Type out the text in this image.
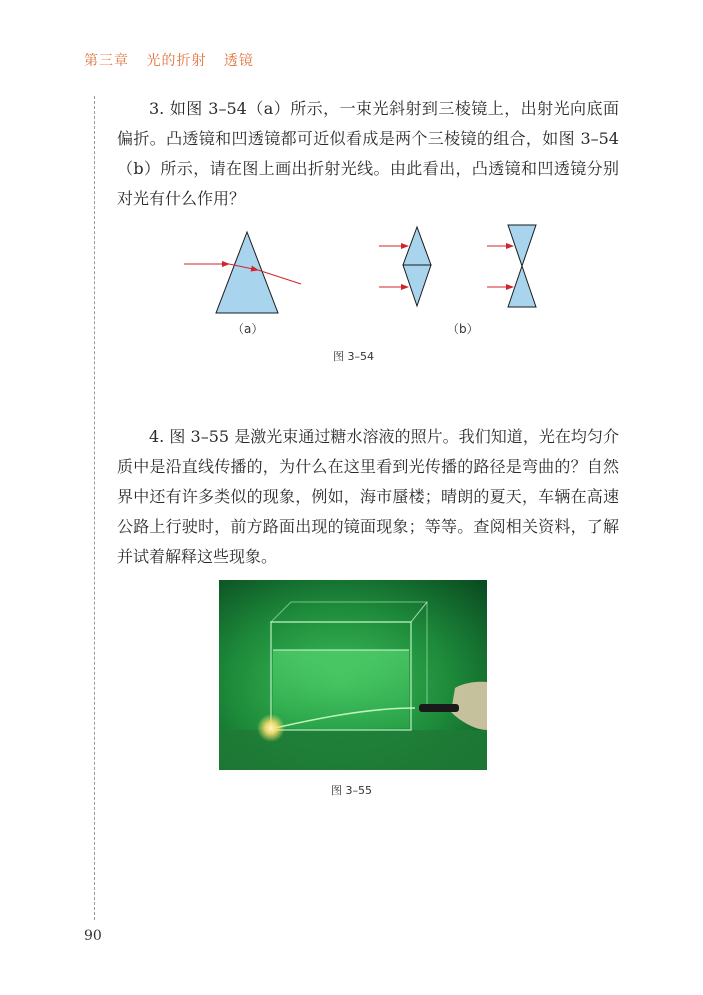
第三章 光的折射 透镜

3. 如图 3–54（a）所示，一束光斜射到三棱镜上，出射光向底面偏折。凸透镜和凹透镜都可近似看成是两个三棱镜的组合，如图 3–54（b）所示，请在图上画出折射光线。由此看出，凸透镜和凹透镜分别对光有什么作用？

（a）	（b）
图 3–54

4. 图 3–55 是激光束通过糖水溶液的照片。我们知道，光在均匀介质中是沿直线传播的，为什么在这里看到光传播的路径是弯曲的？自然界中还有许多类似的现象，例如，海市蜃楼；晴朗的夏天，车辆在高速公路上行驶时，前方路面出现的镜面现象；等等。查阅相关资料，了解并试着解释这些现象。

图 3–55
90
